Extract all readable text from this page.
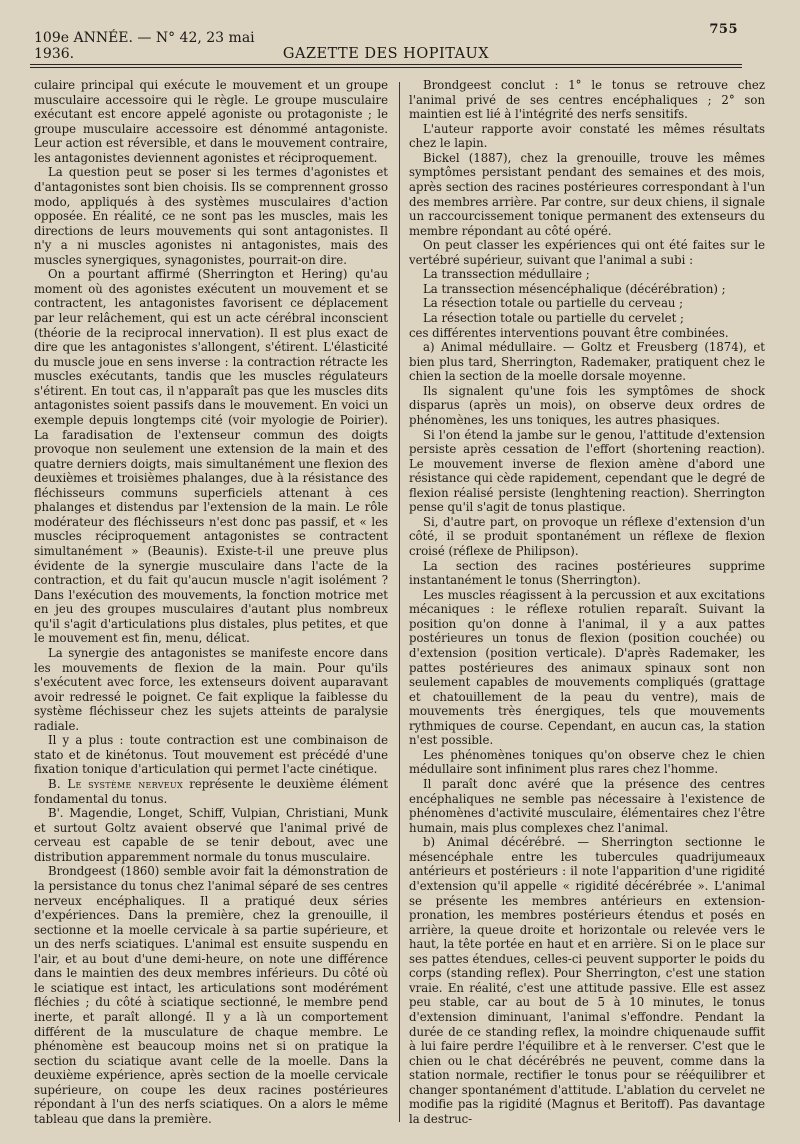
755
109e ANNÉE. — N° 42, 23 mai 1936.	GAZETTE DES HOPITAUX

culaire principal qui exécute le mouvement et un groupe musculaire accessoire qui le règle. Le groupe musculaire exécutant est encore appelé agoniste ou protagoniste ; le groupe musculaire accessoire est dénommé antagoniste. Leur action est réversible, et dans le mouvement contraire, les antagonistes deviennent agonistes et réciproquement.

La question peut se poser si les termes d'agonistes et d'antagonistes sont bien choisis. Ils se comprennent grosso modo, appliqués à des systèmes musculaires d'action opposée. En réalité, ce ne sont pas les muscles, mais les directions de leurs mouvements qui sont antagonistes. Il n'y a ni muscles agonistes ni antagonistes, mais des muscles synergiques, synagonistes, pourrait-on dire.

On a pourtant affirmé (Sherrington et Hering) qu'au moment où des agonistes exécutent un mouvement et se contractent, les antagonistes favorisent ce déplacement par leur relâchement, qui est un acte cérébral inconscient (théorie de la reciprocal innervation). Il est plus exact de dire que les antagonistes s'allongent, s'étirent. L'élasticité du muscle joue en sens inverse : la contraction rétracte les muscles exécutants, tandis que les muscles régulateurs s'étirent. En tout cas, il n'apparaît pas que les muscles dits antagonistes soient passifs dans le mouvement. En voici un exemple depuis longtemps cité (voir myologie de Poirier). La faradisation de l'extenseur commun des doigts provoque non seulement une extension de la main et des quatre derniers doigts, mais simultanément une flexion des deuxièmes et troisièmes phalanges, due à la résistance des fléchisseurs communs superficiels attenant à ces phalanges et distendus par l'extension de la main. Le rôle modérateur des fléchisseurs n'est donc pas passif, et « les muscles réciproquement antagonistes se contractent simultanément » (Beaunis). Existe-t-il une preuve plus évidente de la synergie musculaire dans l'acte de la contraction, et du fait qu'aucun muscle n'agit isolément ? Dans l'exécution des mouvements, la fonction motrice met en jeu des groupes musculaires d'autant plus nombreux qu'il s'agit d'articulations plus distales, plus petites, et que le mouvement est fin, menu, délicat.

La synergie des antagonistes se manifeste encore dans les mouvements de flexion de la main. Pour qu'ils s'exécutent avec force, les extenseurs doivent auparavant avoir redressé le poignet. Ce fait explique la faiblesse du système fléchisseur chez les sujets atteints de paralysie radiale.

Il y a plus : toute contraction est une combinaison de stato et de kinétonus. Tout mouvement est précédé d'une fixation tonique d'articulation qui permet l'acte cinétique.

B. Le système nerveux représente le deuxième élément fondamental du tonus.

B'. Magendie, Longet, Schiff, Vulpian, Christiani, Munk et surtout Goltz avaient observé que l'animal privé de cerveau est capable de se tenir debout, avec une distribution apparemment normale du tonus musculaire.

Brondgeest (1860) semble avoir fait la démonstration de la persistance du tonus chez l'animal séparé de ses centres nerveux encéphaliques. Il a pratiqué deux séries d'expériences. Dans la première, chez la grenouille, il sectionne et la moelle cervicale à sa partie supérieure, et un des nerfs sciatiques. L'animal est ensuite suspendu en l'air, et au bout d'une demi-heure, on note une différence dans le maintien des deux membres inférieurs. Du côté où le sciatique est intact, les articulations sont modérément fléchies ; du côté à sciatique sectionné, le membre pend inerte, et paraît allongé. Il y a là un comportement différent de la musculature de chaque membre. Le phénomène est beaucoup moins net si on pratique la section du sciatique avant celle de la moelle. Dans la deuxième expérience, après section de la moelle cervicale supérieure, on coupe les deux racines postérieures répondant à l'un des nerfs sciatiques. On a alors le même tableau que dans la première.

Brondgeest conclut : 1° le tonus se retrouve chez l'animal privé de ses centres encéphaliques ; 2° son maintien est lié à l'intégrité des nerfs sensitifs.

L'auteur rapporte avoir constaté les mêmes résultats chez le lapin.

Bickel (1887), chez la grenouille, trouve les mêmes symptômes persistant pendant des semaines et des mois, après section des racines postérieures correspondant à l'un des membres arrière. Par contre, sur deux chiens, il signale un raccourcissement tonique permanent des extenseurs du membre répondant au côté opéré.

On peut classer les expériences qui ont été faites sur le vertébré supérieur, suivant que l'animal a subi :

La transsection médullaire ;

La transsection mésencéphalique (décérébration) ;

La résection totale ou partielle du cerveau ;

La résection totale ou partielle du cervelet ;

ces différentes interventions pouvant être combinées.

a) Animal médullaire. — Goltz et Freusberg (1874), et bien plus tard, Sherrington, Rademaker, pratiquent chez le chien la section de la moelle dorsale moyenne.

Ils signalent qu'une fois les symptômes de shock disparus (après un mois), on observe deux ordres de phénomènes, les uns toniques, les autres phasiques.

Si l'on étend la jambe sur le genou, l'attitude d'extension persiste après cessation de l'effort (shortening reaction). Le mouvement inverse de flexion amène d'abord une résistance qui cède rapidement, cependant que le degré de flexion réalisé persiste (lenghtening reaction). Sherrington pense qu'il s'agit de tonus plastique.

Si, d'autre part, on provoque un réflexe d'extension d'un côté, il se produit spontanément un réflexe de flexion croisé (réflexe de Philipson).

La section des racines postérieures supprime instantanément le tonus (Sherrington).

Les muscles réagissent à la percussion et aux excitations mécaniques : le réflexe rotulien reparaît. Suivant la position qu'on donne à l'animal, il y a aux pattes postérieures un tonus de flexion (position couchée) ou d'extension (position verticale). D'après Rademaker, les pattes postérieures des animaux spinaux sont non seulement capables de mouvements compliqués (grattage et chatouillement de la peau du ventre), mais de mouvements très énergiques, tels que mouvements rythmiques de course. Cependant, en aucun cas, la station n'est possible.

Les phénomènes toniques qu'on observe chez le chien médullaire sont infiniment plus rares chez l'homme.

Il paraît donc avéré que la présence des centres encéphaliques ne semble pas nécessaire à l'existence de phénomènes d'activité musculaire, élémentaires chez l'être humain, mais plus complexes chez l'animal.

b) Animal décérébré. — Sherrington sectionne le mésencéphale entre les tubercules quadrijumeaux antérieurs et postérieurs : il note l'apparition d'une rigidité d'extension qu'il appelle « rigidité décérébrée ». L'animal se présente les membres antérieurs en extension-pronation, les membres postérieurs étendus et posés en arrière, la queue droite et horizontale ou relevée vers le haut, la tête portée en haut et en arrière. Si on le place sur ses pattes étendues, celles-ci peuvent supporter le poids du corps (standing reflex). Pour Sherrington, c'est une station vraie. En réalité, c'est une attitude passive. Elle est assez peu stable, car au bout de 5 à 10 minutes, le tonus d'extension diminuant, l'animal s'effondre. Pendant la durée de ce standing reflex, la moindre chiquenaude suffit à lui faire perdre l'équilibre et à le renverser. C'est que le chien ou le chat décérébrés ne peuvent, comme dans la station normale, rectifier le tonus pour se rééquilibrer et changer spontanément d'attitude. L'ablation du cervelet ne modifie pas la rigidité (Magnus et Beritoff). Pas davantage la destruc-
